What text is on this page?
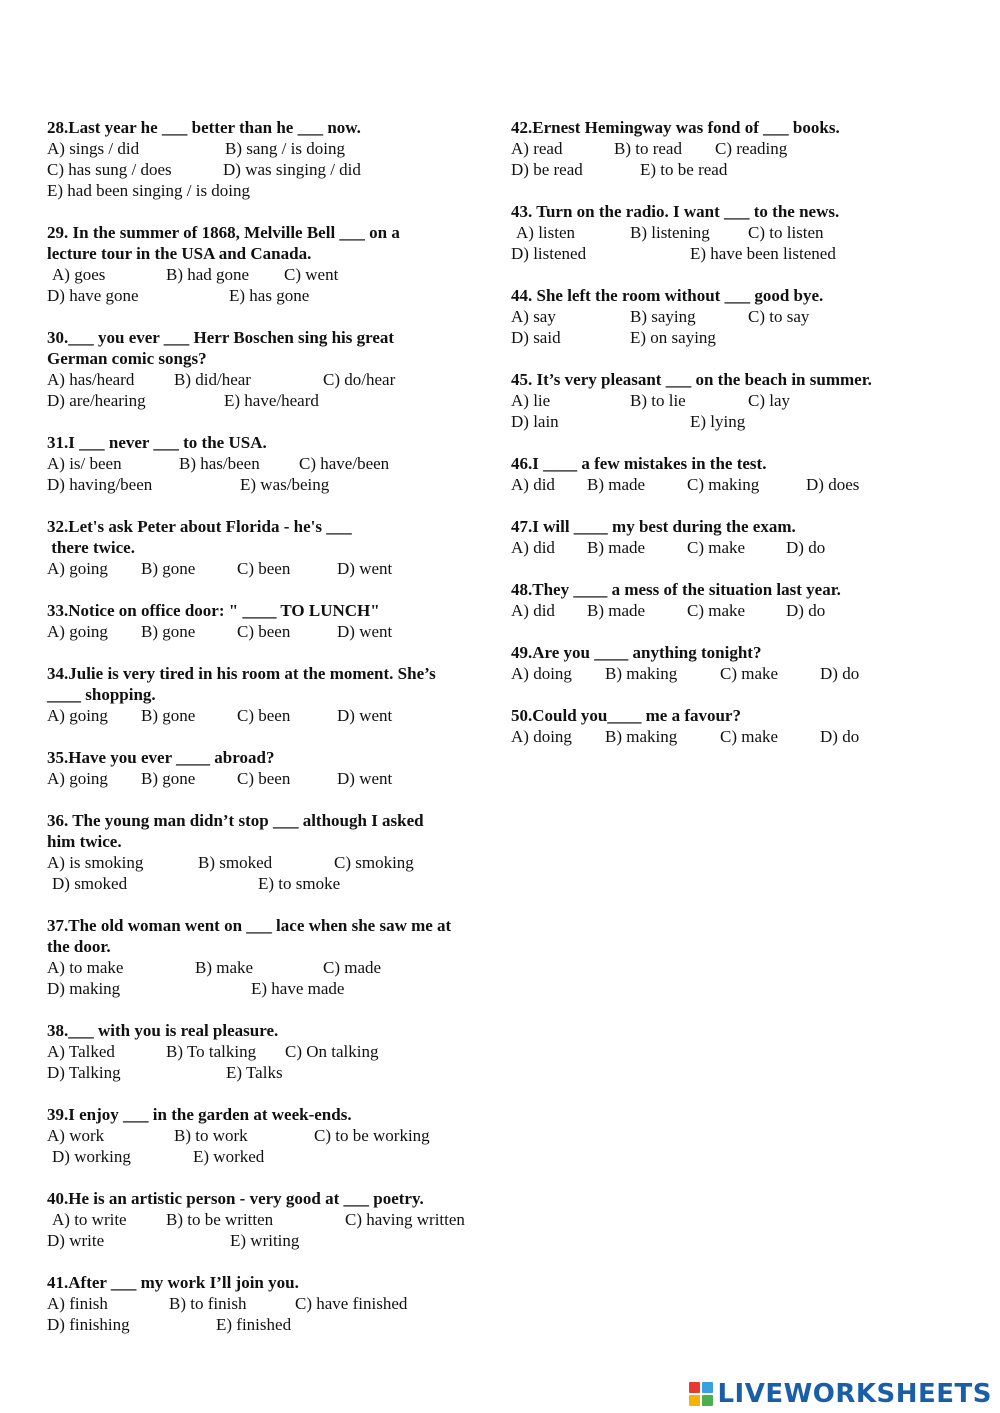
28.Last year he ___ better than he ___ now.
A) sings / did	B) sang / is doing
C) has sung / does	D) was singing / did
E) had been singing / is doing
29. In the summer of 1868, Melville Bell ___ on a
lecture tour in the USA and Canada.
A) goes	B) had gone C) went
D) have gone	E) has gone
30.___ you ever ___ Herr Boschen sing his great
German comic songs?
A) has/heard B) did/hear	C) do/hear
D) are/hearing	E) have/heard
31.I ___ never ___ to the USA.
A) is/ been	B) has/been C) have/been
D) having/been	E) was/being
32.Let's ask Peter about Florida - he's ___
there twice.
A) going B) gone C) been	D) went
33.Notice on office door: " ____ TO LUNCH"
A) going B) gone C) been	D) went
34.Julie is very tired in his room at the moment. She’s
____ shopping.
A) going B) gone C) been	D) went
35.Have you ever ____ abroad?
A) going B) gone C) been	D) went
36. The young man didn’t stop ___ although I asked
him twice.
A) is smoking	B) smoked	C) smoking
D) smoked	E) to smoke
37.The old woman went on ___ lace when she saw me at
the door.
A) to make	B) make	C) made
D) making	E) have made
38.___ with you is real pleasure.
A) Talked	B) To talking C) On talking
D) Talking	E) Talks
39.I enjoy ___ in the garden at week-ends.
A) work	B) to work	C) to be working
D) working	E) worked
40.He is an artistic person - very good at ___ poetry.
A) to write B) to be written	C) having written
D) write	E) writing
41.After ___ my work I’ll join you.
A) finish	B) to finish	C) have finished
D) finishing	E) finished
42.Ernest Hemingway was fond of ___ books.
A) read	B) to read C) reading
D) be read	E) to be read
43. Turn on the radio. I want ___ to the news.
A) listen	B) listening C) to listen
D) listened	E) have been listened
44. She left the room without ___ good bye.
A) say	B) saying	C) to say
D) said	E) on saying
45. It’s very pleasant ___ on the beach in summer.
A) lie	B) to lie	C) lay
D) lain	E) lying
46.I ____ a few mistakes in the test.
A) did B) made C) making	D) does
47.I will ____ my best during the exam.
A) did B) made C) make D) do
48.They ____ a mess of the situation last year.
A) did B) made C) make D) do
49.Are you ____ anything tonight?
A) doing B) making	C) make D) do
50.Could you____ me a favour?
A) doing B) making	C) make D) do
LIVEWORKSHEETS
